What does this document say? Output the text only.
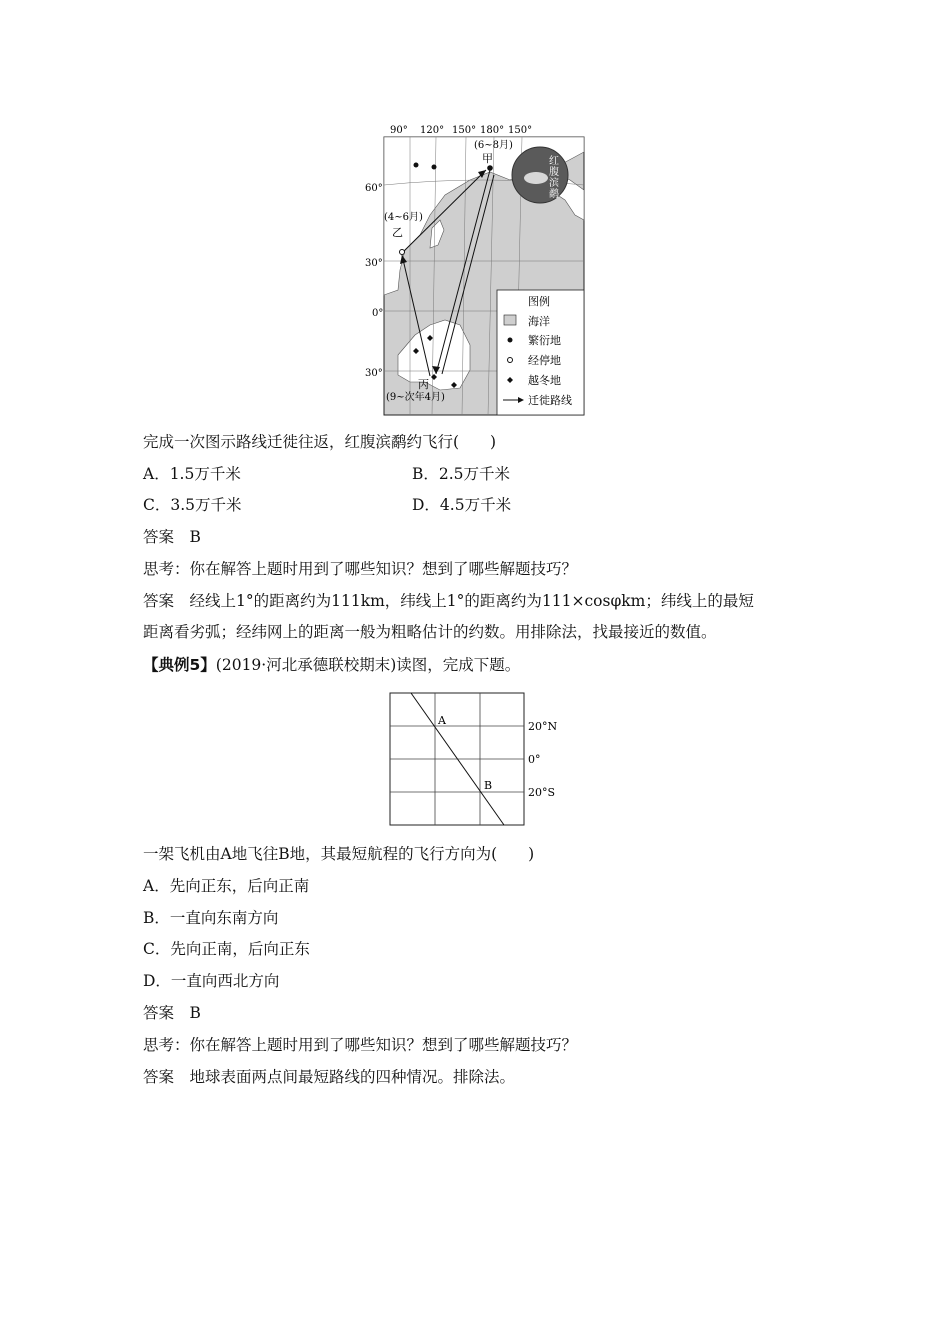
90° 120° 150° 180° 150°
60°
30°
0°
30°
(6~8月)
甲
(4~6月)
乙
丙
(9~次年4月)
红腹滨鹬
图例
海洋
繁衍地
经停地
越冬地
迁徙路线
完成一次图示路线迁徙往返，红腹滨鹬约飞行(　　)
A．1.5万千米	B．2.5万千米
C．3.5万千米	D．4.5万千米
答案　B
思考：你在解答上题时用到了哪些知识？想到了哪些解题技巧？
答案　经线上1°的距离约为111km，纬线上1°的距离约为111×cosφkm；纬线上的最短
距离看劣弧；经纬网上的距离一般为粗略估计的约数。用排除法，找最接近的数值。
【典例5】(2019·河北承德联校期末)读图，完成下题。
A
B
20°N
0°
20°S
一架飞机由A地飞往B地，其最短航程的飞行方向为(　　)
A．先向正东，后向正南
B．一直向东南方向
C．先向正南，后向正东
D．一直向西北方向
答案　B
思考：你在解答上题时用到了哪些知识？想到了哪些解题技巧？
答案　地球表面两点间最短路线的四种情况。排除法。
